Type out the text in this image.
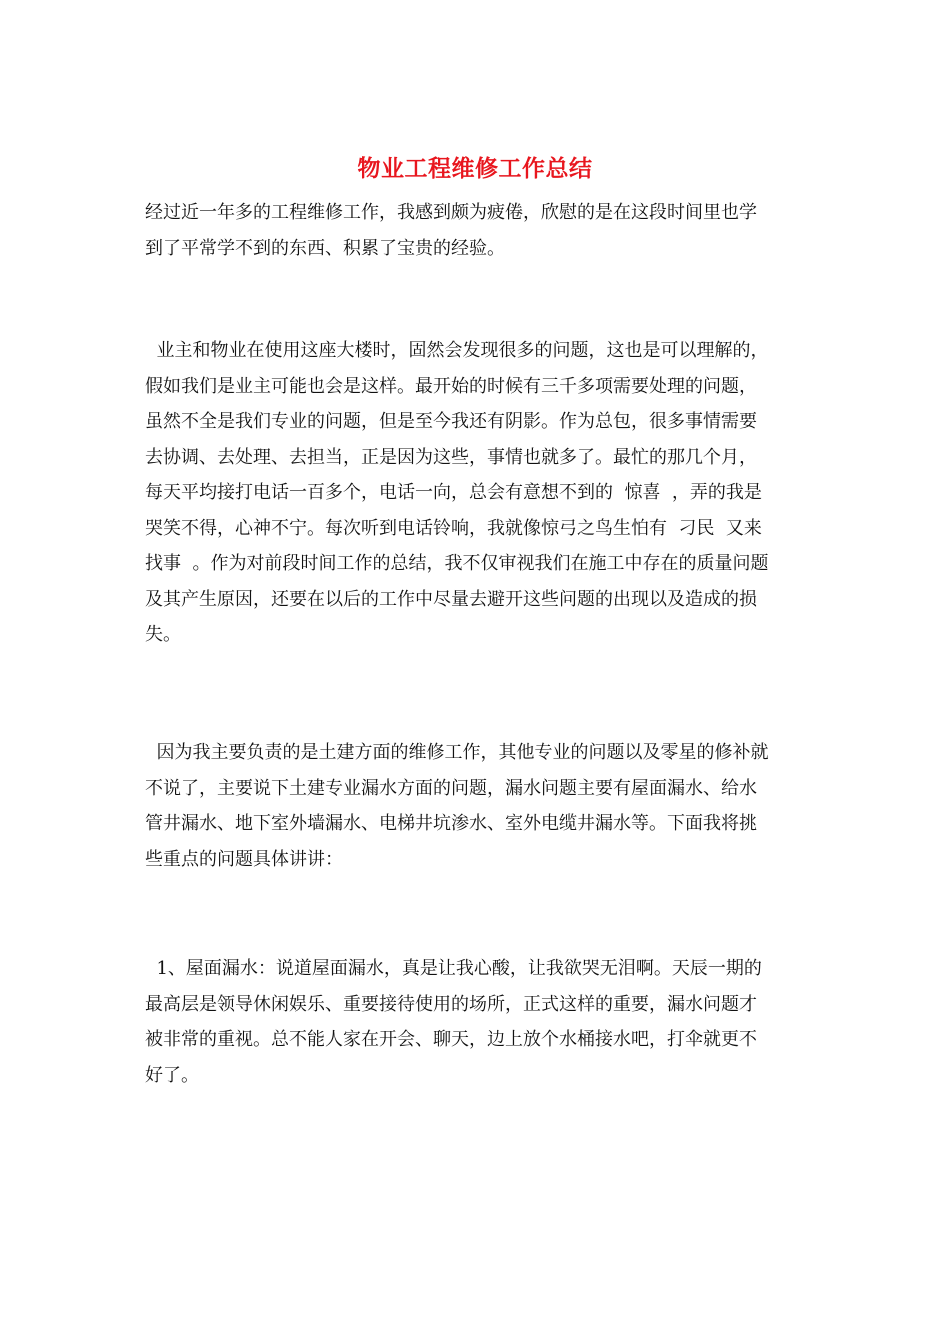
物业工程维修工作总结
经过近一年多的工程维修工作，我感到颇为疲倦，欣慰的是在这段时间里也学
到了平常学不到的东西、积累了宝贵的经验。
业主和物业在使用这座大楼时，固然会发现很多的问题，这也是可以理解的，
假如我们是业主可能也会是这样。最开始的时候有三千多项需要处理的问题，
虽然不全是我们专业的问题，但是至今我还有阴影。作为总包，很多事情需要
去协调、去处理、去担当，正是因为这些，事情也就多了。最忙的那几个月，
每天平均接打电话一百多个，电话一向，总会有意想不到的  惊喜  ，弄的我是
哭笑不得，心神不宁。每次听到电话铃响，我就像惊弓之鸟生怕有  刁民  又来
找事  。作为对前段时间工作的总结，我不仅审视我们在施工中存在的质量问题
及其产生原因，还要在以后的工作中尽量去避开这些问题的出现以及造成的损
失。
因为我主要负责的是土建方面的维修工作，其他专业的问题以及零星的修补就
不说了，主要说下土建专业漏水方面的问题，漏水问题主要有屋面漏水、给水
管井漏水、地下室外墙漏水、电梯井坑渗水、室外电缆井漏水等。下面我将挑
些重点的问题具体讲讲：
1、屋面漏水：说道屋面漏水，真是让我心酸，让我欲哭无泪啊。天辰一期的
最高层是领导休闲娱乐、重要接待使用的场所，正式这样的重要，漏水问题才
被非常的重视。总不能人家在开会、聊天，边上放个水桶接水吧，打伞就更不
好了。
